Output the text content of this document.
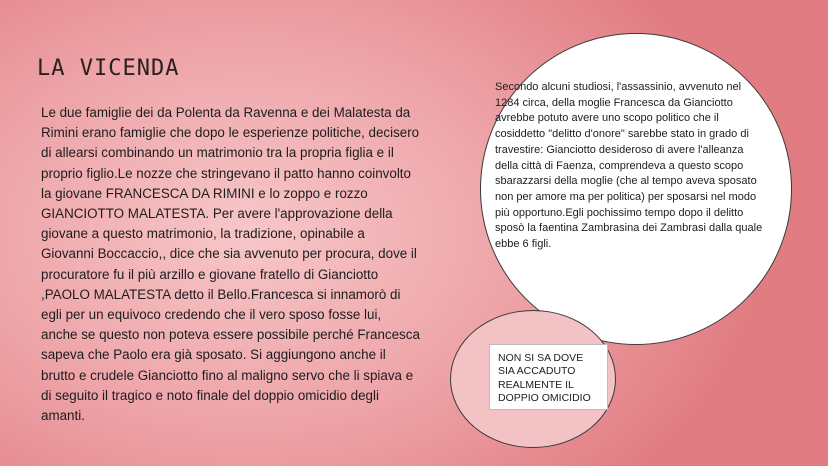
LA VICENDA

Le due famiglie dei da Polenta da Ravenna e dei Malatesta da Rimini erano famiglie che dopo le esperienze politiche, decisero di allearsi combinando un matrimonio tra la propria figlia e il proprio figlio.Le nozze che stringevano il patto hanno coinvolto la giovane FRANCESCA DA RIMINI e lo zoppo e rozzo GIANCIOTTO MALATESTA. Per avere l'approvazione della giovane a questo matrimonio, la tradizione, opinabile a Giovanni Boccaccio,, dice che sia avvenuto per procura, dove il procuratore fu il più arzillo e giovane fratello di Gianciotto ,PAOLO MALATESTA detto il Bello.Francesca si innamorò di egli per un equivoco credendo che il vero sposo fosse lui, anche se questo non poteva essere possibile perché Francesca sapeva che Paolo era già sposato. Si aggiungono anche il brutto e crudele Gianciotto fino al maligno servo che li spiava e di seguito il tragico e noto finale del doppio omicidio degli amanti.

Secondo alcuni studiosi, l'assassinio, avvenuto nel 1284 circa, della moglie Francesca da Gianciotto avrebbe potuto avere uno scopo politico che il cosiddetto "delitto d'onore" sarebbe stato in grado di travestire: Gianciotto desideroso di avere l'alleanza della città di Faenza, comprendeva a questo scopo sbarazzarsi della moglie (che al tempo aveva sposato non per amore ma per politica) per sposarsi nel modo più opportuno.Egli pochissimo tempo dopo il delitto sposò la faentina Zambrasina dei Zambrasi dalla quale ebbe 6 figli.

NON SI SA DOVE SIA ACCADUTO REALMENTE IL DOPPIO OMICIDIO
